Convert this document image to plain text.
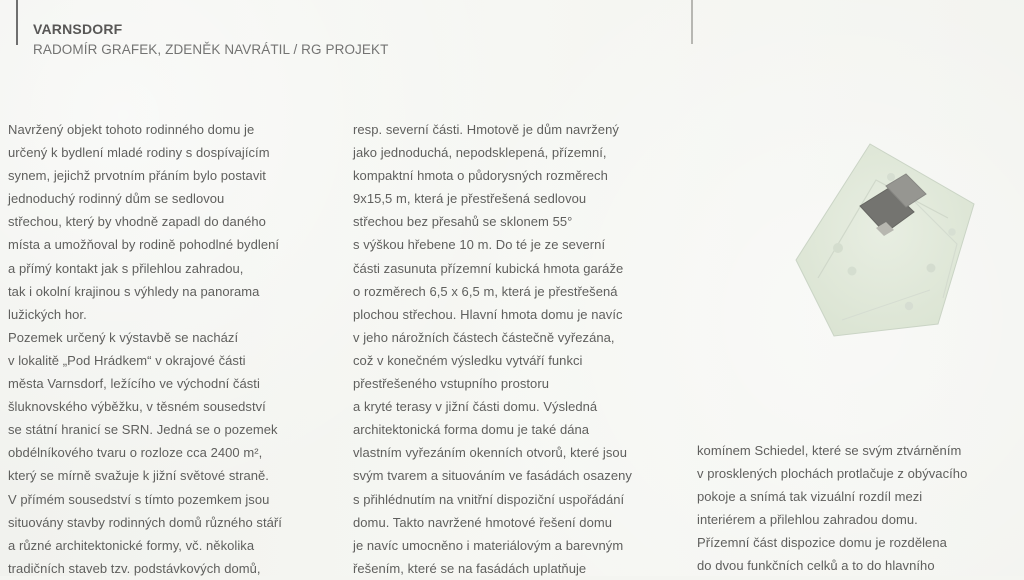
VARNSDORF
RADOMÍR GRAFEK, ZDENĚK NAVRÁTIL / RG PROJEKT
Navržený objekt tohoto rodinného domu je
určený k bydlení mladé rodiny s dospívajícím
synem, jejichž prvotním přáním bylo postavit
jednoduchý rodinný dům se sedlovou
střechou, který by vhodně zapadl do daného
místa a umožňoval by rodině pohodlné bydlení
a přímý kontakt jak s přilehlou zahradou,
tak i okolní krajinou s výhledy na panorama
lužických hor.
Pozemek určený k výstavbě se nachází
v lokalitě „Pod Hrádkem“ v okrajové části
města Varnsdorf, ležícího ve východní části
šluknovského výběžku, v těsném sousedství
se státní hranicí se SRN. Jedná se o pozemek
obdélníkového tvaru o rozloze cca 2400 m²,
který se mírně svažuje k jižní světové straně.
V přímém sousedství s tímto pozemkem jsou
situovány stavby rodinných domů různého stáří
a různé architektonické formy, vč. několika
tradičních staveb tzv. podstávkových domů,
resp. severní části. Hmotově je dům navržený
jako jednoduchá, nepodsklepená, přízemní,
kompaktní hmota o půdorysných rozměrech
9x15,5 m, která je přestřešená sedlovou
střechou bez přesahů se sklonem 55°
s výškou hřebene 10 m. Do té je ze severní
části zasunuta přízemní kubická hmota garáže
o rozměrech 6,5 x 6,5 m, která je přestřešená
plochou střechou. Hlavní hmota domu je navíc
v jeho nárožních částech částečně vyřezána,
což v konečném výsledku vytváří funkci
přestřešeného vstupního prostoru
a kryté terasy v jižní části domu. Výsledná
architektonická forma domu je také dána
vlastním vyřezáním okenních otvorů, které jsou
svým tvarem a situováním ve fasádách osazeny
s přihlédnutím na vnitřní dispoziční uspořádání
domu. Takto navržené hmotové řešení domu
je navíc umocněno i materiálovým a barevným
řešením, které se na fasádách uplatňuje
komínem Schiedel, které se svým ztvárněním
v prosklených plochách protlačuje z obývacího
pokoje a snímá tak vizuální rozdíl mezi
interiérem a přilehlou zahradou domu.
Přízemní část dispozice domu je rozdělena
do dvou funkčních celků a to do hlavního
